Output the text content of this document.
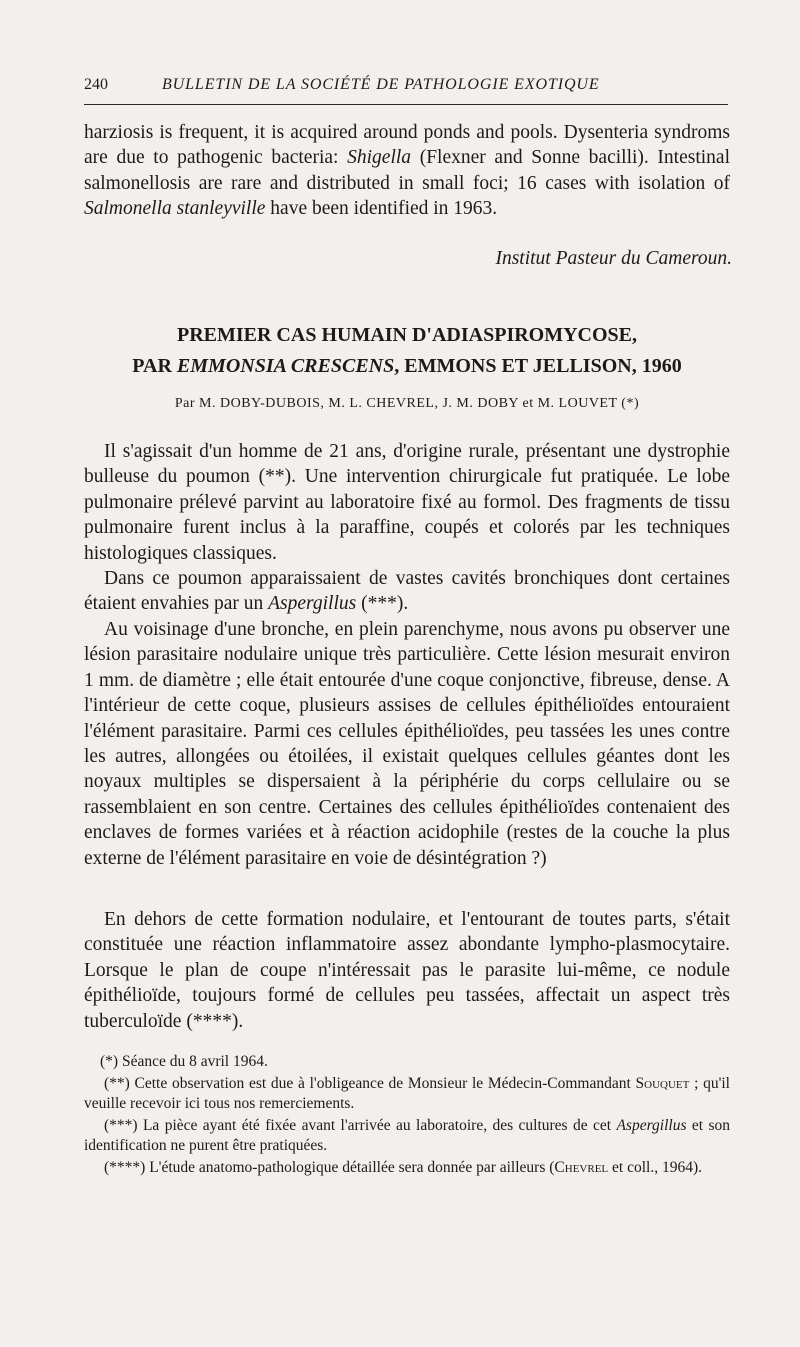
240	BULLETIN DE LA SOCIÉTÉ DE PATHOLOGIE EXOTIQUE

harziosis is frequent, it is acquired around ponds and pools. Dysenteria syndroms are due to pathogenic bacteria: Shigella (Flexner and Sonne bacilli). Intestinal salmonellosis are rare and distributed in small foci; 16 cases with isolation of Salmonella stanleyville have been identified in 1963.

Institut Pasteur du Cameroun.

PREMIER CAS HUMAIN D'ADIASPIROMYCOSE,

PAR EMMONSIA CRESCENS, EMMONS ET JELLISON, 1960

Par M. DOBY-DUBOIS, M. L. CHEVREL, J. M. DOBY et M. LOUVET (*)

Il s'agissait d'un homme de 21 ans, d'origine rurale, présentant une dystrophie bulleuse du poumon (**). Une intervention chirurgicale fut pratiquée. Le lobe pulmonaire prélevé parvint au laboratoire fixé au formol. Des fragments de tissu pulmonaire furent inclus à la paraffine, coupés et colorés par les techniques histologiques classiques.

Dans ce poumon apparaissaient de vastes cavités bronchiques dont certaines étaient envahies par un Aspergillus (***).

Au voisinage d'une bronche, en plein parenchyme, nous avons pu observer une lésion parasitaire nodulaire unique très particulière. Cette lésion mesurait environ 1 mm. de diamètre ; elle était entourée d'une coque conjonctive, fibreuse, dense. A l'intérieur de cette coque, plusieurs assises de cellules épithélioïdes entouraient l'élément parasitaire. Parmi ces cellules épithélioïdes, peu tassées les unes contre les autres, allongées ou étoilées, il existait quelques cellules géantes dont les noyaux multiples se dispersaient à la périphérie du corps cellulaire ou se rassemblaient en son centre. Certaines des cellules épithélioïdes contenaient des enclaves de formes variées et à réaction acidophile (restes de la couche la plus externe de l'élément parasitaire en voie de désintégration ?)

En dehors de cette formation nodulaire, et l'entourant de toutes parts, s'était constituée une réaction inflammatoire assez abondante lympho-plasmocytaire. Lorsque le plan de coupe n'intéressait pas le parasite lui-même, ce nodule épithélioïde, toujours formé de cellules peu tassées, affectait un aspect très tuberculoïde (****).

(*) Séance du 8 avril 1964.

(**) Cette observation est due à l'obligeance de Monsieur le Médecin-Commandant Souquet ; qu'il veuille recevoir ici tous nos remerciements.

(***) La pièce ayant été fixée avant l'arrivée au laboratoire, des cultures de cet Aspergillus et son identification ne purent être pratiquées.

(****) L'étude anatomo-pathologique détaillée sera donnée par ailleurs (Chevrel et coll., 1964).
